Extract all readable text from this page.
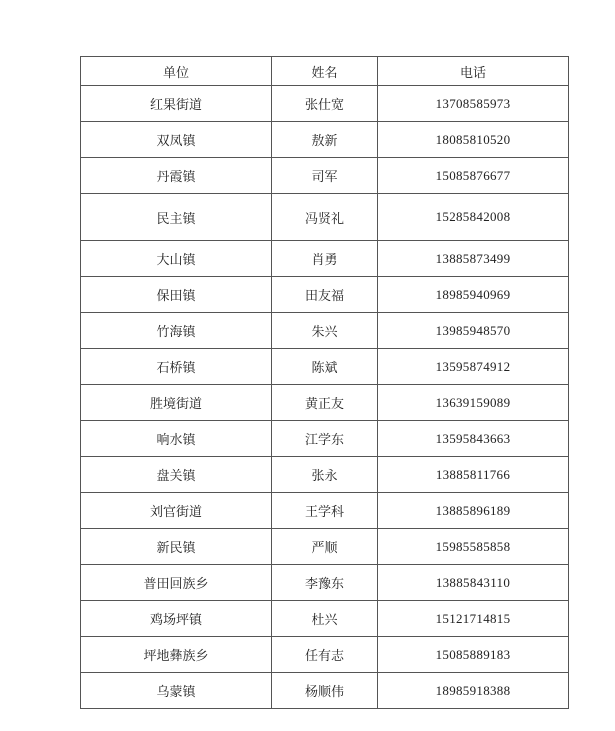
单位	姓名	电话
红果街道	张仕宽	13708585973
双凤镇	敖新	18085810520
丹霞镇	司军	15085876677
民主镇	冯贤礼	15285842008
大山镇	肖勇	13885873499
保田镇	田友福	18985940969
竹海镇	朱兴	13985948570
石桥镇	陈斌	13595874912
胜境街道	黄正友	13639159089
响水镇	江学东	13595843663
盘关镇	张永	13885811766
刘官街道	王学科	13885896189
新民镇	严顺	15985585858
普田回族乡	李豫东	13885843110
鸡场坪镇	杜兴	15121714815
坪地彝族乡	任有志	15085889183
乌蒙镇	杨顺伟	18985918388
